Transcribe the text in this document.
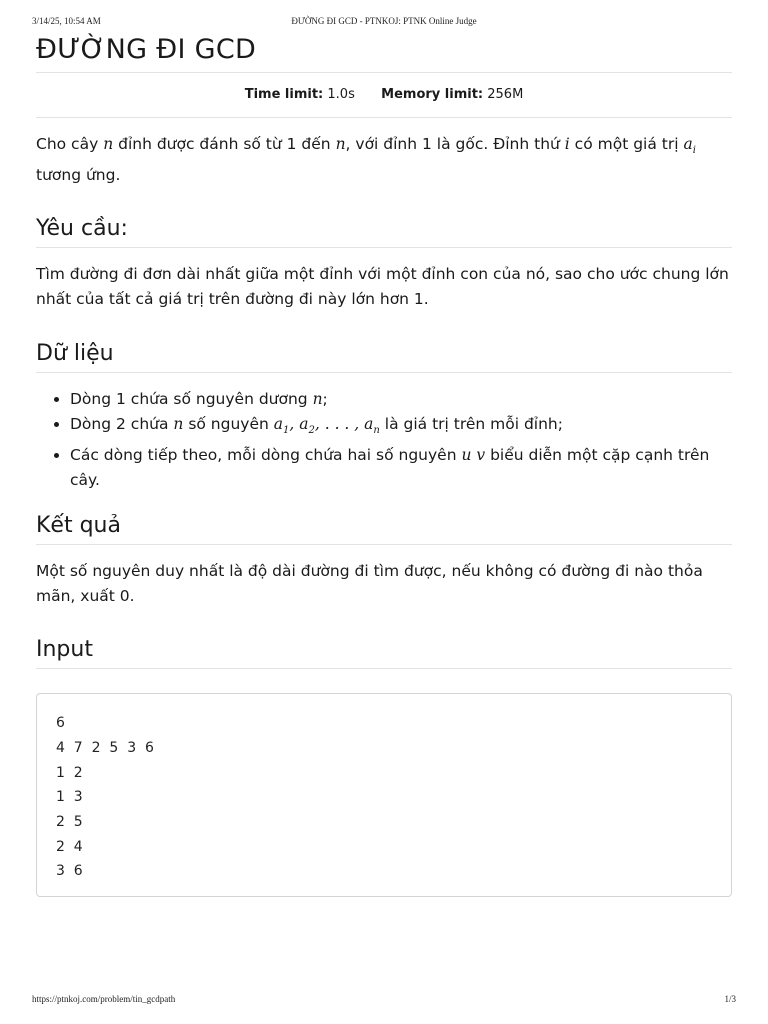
3/14/25, 10:54 AM	ĐƯỜNG ĐI GCD - PTNKOJ: PTNK Online Judge
ĐƯỜNG ĐI GCD
Time limit: 1.0s Memory limit: 256M

Cho cây n đỉnh được đánh số từ 1 đến n, với đỉnh 1 là gốc. Đỉnh thứ i có một giá trị $a_i$ tương ứng.

Yêu cầu:

Tìm đường đi đơn dài nhất giữa một đỉnh với một đỉnh con của nó, sao cho ước chung lớn nhất của tất cả giá trị trên đường đi này lớn hơn 1.

Dữ liệu
• Dòng 1 chứa số nguyên dương n;
• Dòng 2 chứa n số nguyên $a_1$, $a_2$, . . . , $a_n$ là giá trị trên mỗi đỉnh;
• Các dòng tiếp theo, mỗi dòng chứa hai số nguyên u v biểu diễn một cặp cạnh trên cây.
Kết quả

Một số nguyên duy nhất là độ dài đường đi tìm được, nếu không có đường đi nào thỏa mãn, xuất 0.

Input
6
4  7  2  5  3  6
1  2
1  3
2  5
2  4
3  6
https://ptnkoj.com/problem/tin_gcdpath	1/3
